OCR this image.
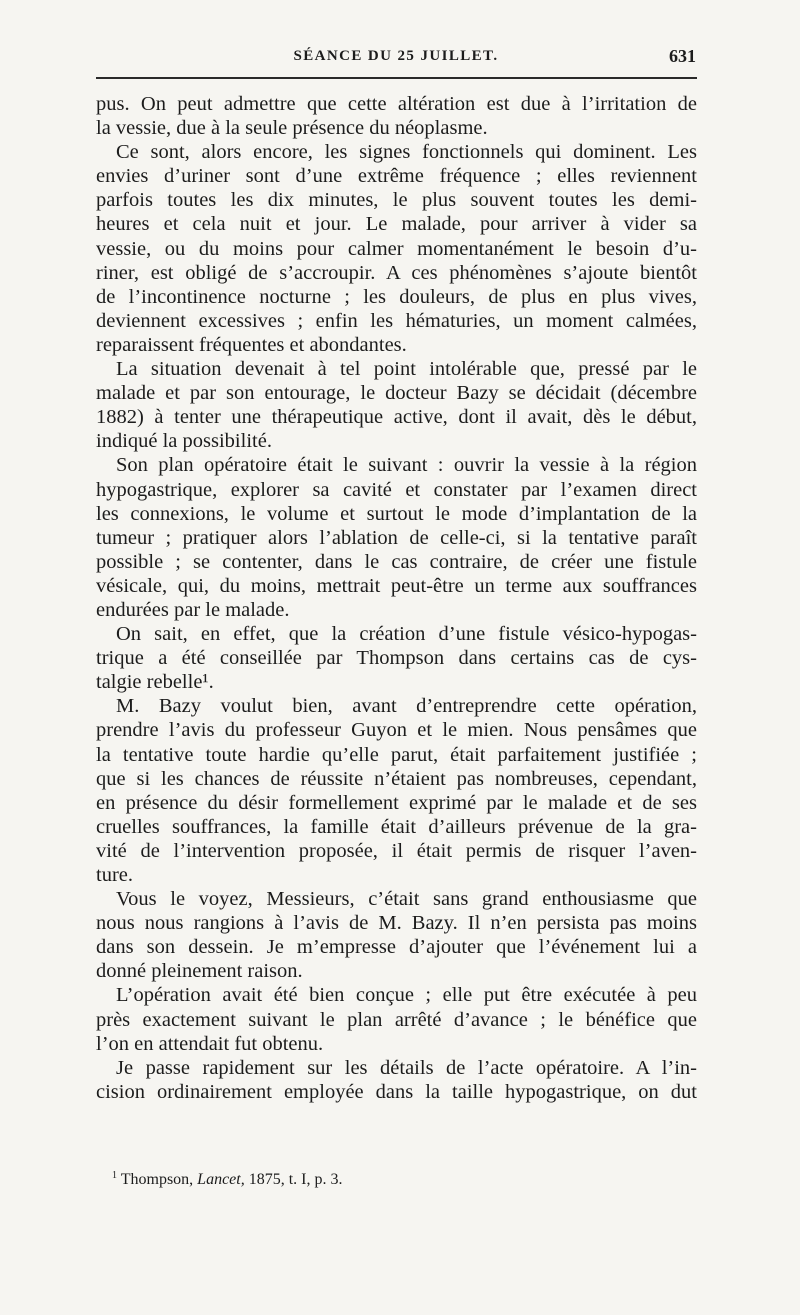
SÉANCE DU 25 JUILLET.	631

pus. On peut admettre que cette altération est due à l’irritation de

la vessie, due à la seule présence du néoplasme.

Ce sont, alors encore, les signes fonctionnels qui dominent. Les

envies d’uriner sont d’une extrême fréquence ; elles reviennent

parfois toutes les dix minutes, le plus souvent toutes les demi-

heures et cela nuit et jour. Le malade, pour arriver à vider sa

vessie, ou du moins pour calmer momentanément le besoin d’u-

riner, est obligé de s’accroupir. A ces phénomènes s’ajoute bientôt

de l’incontinence nocturne ; les douleurs, de plus en plus vives,

deviennent excessives ; enfin les hématuries, un moment calmées,

reparaissent fréquentes et abondantes.

La situation devenait à tel point intolérable que, pressé par le

malade et par son entourage, le docteur Bazy se décidait (décembre

1882) à tenter une thérapeutique active, dont il avait, dès le début,

indiqué la possibilité.

Son plan opératoire était le suivant : ouvrir la vessie à la région

hypogastrique, explorer sa cavité et constater par l’examen direct

les connexions, le volume et surtout le mode d’implantation de la

tumeur ; pratiquer alors l’ablation de celle-ci, si la tentative paraît

possible ; se contenter, dans le cas contraire, de créer une fistule

vésicale, qui, du moins, mettrait peut-être un terme aux souffrances

endurées par le malade.

On sait, en effet, que la création d’une fistule vésico-hypogas-

trique a été conseillée par Thompson dans certains cas de cys-

talgie rebelle¹.

M. Bazy voulut bien, avant d’entreprendre cette opération,

prendre l’avis du professeur Guyon et le mien. Nous pensâmes que

la tentative toute hardie qu’elle parut, était parfaitement justifiée ;

que si les chances de réussite n’étaient pas nombreuses, cependant,

en présence du désir formellement exprimé par le malade et de ses

cruelles souffrances, la famille était d’ailleurs prévenue de la gra-

vité de l’intervention proposée, il était permis de risquer l’aven-

ture.

Vous le voyez, Messieurs, c’était sans grand enthousiasme que

nous nous rangions à l’avis de M. Bazy. Il n’en persista pas moins

dans son dessein. Je m’empresse d’ajouter que l’événement lui a

donné pleinement raison.

L’opération avait été bien conçue ; elle put être exécutée à peu

près exactement suivant le plan arrêté d’avance ; le bénéfice que

l’on en attendait fut obtenu.

Je passe rapidement sur les détails de l’acte opératoire. A l’in-

cision ordinairement employée dans la taille hypogastrique, on dut

$^1$ Thompson, Lancet, 1875, t. I, p. 3.
